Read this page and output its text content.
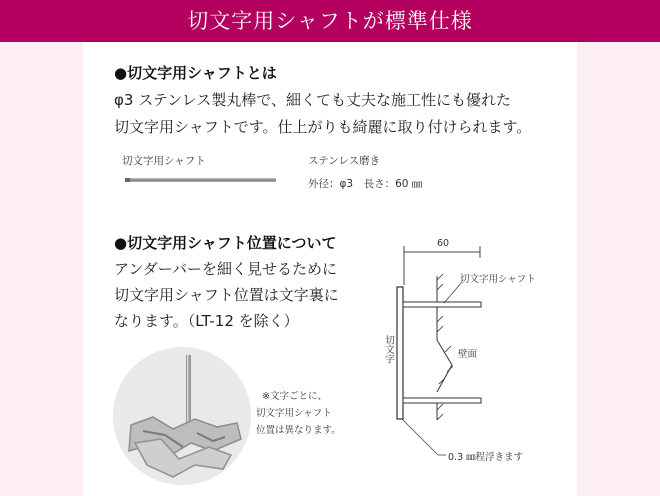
切文字用シャフトが標準仕様
●切文字用シャフトとは
φ3 ステンレス製丸棒で、細くても丈夫な施工性にも優れた
切文字用シャフトです。仕上がりも綺麗に取り付けられます。
切文字用シャフト	ステンレス磨き
外径：φ3　長さ：60 ㎜
●切文字用シャフト位置について
アンダーバーを細く見せるために
切文字用シャフト位置は文字裏に
なります。（LT-12 を除く）
※文字ごとに、
切文字用シャフト
位置は異なります。
60
切文字用シャフト
切文字	壁面
0.3 ㎜程浮きます
